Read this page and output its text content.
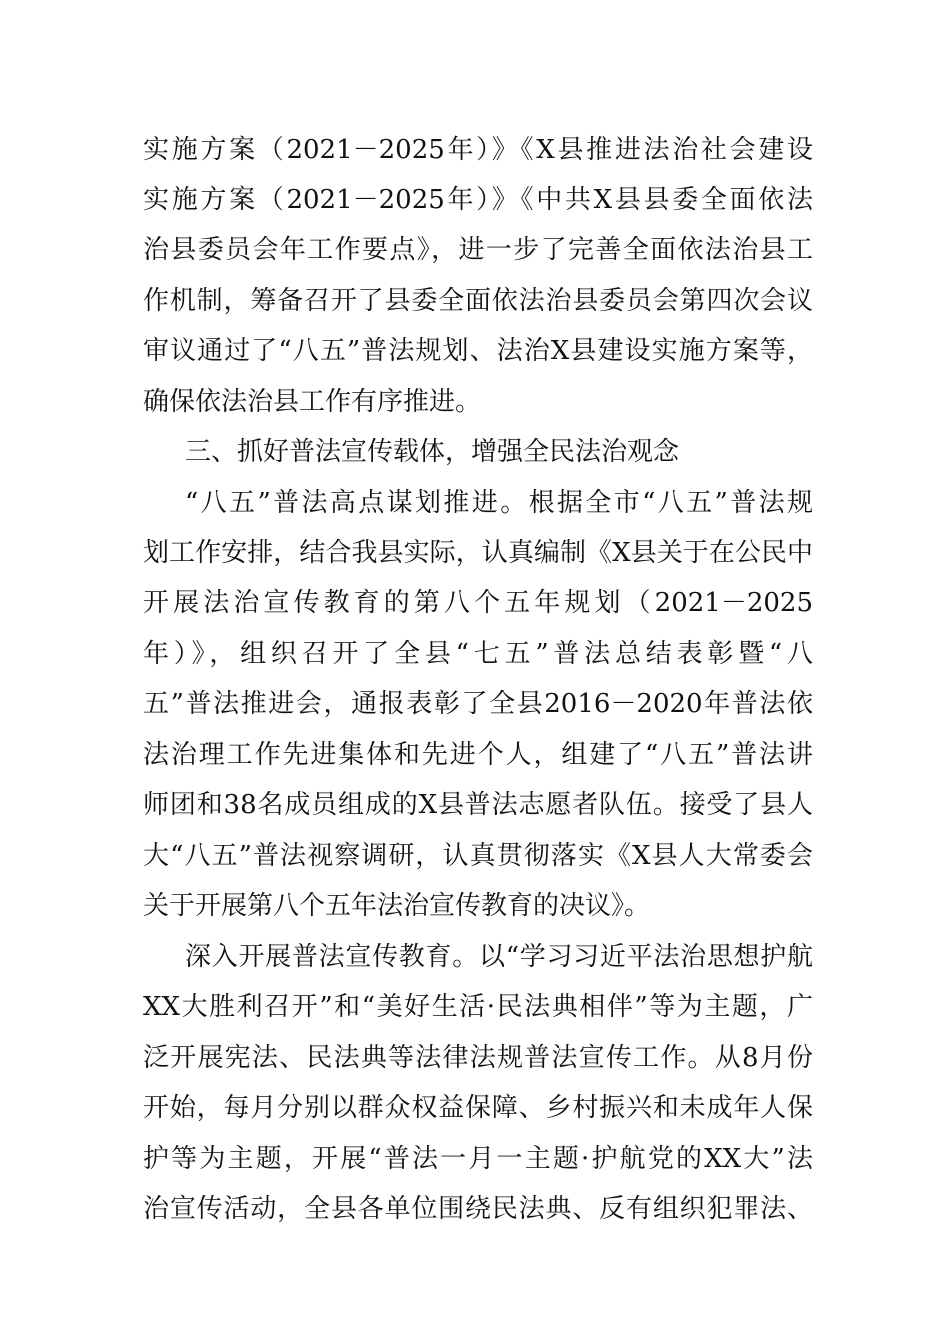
实施方案（2021－2025年）》《X县推进法治社会建设
实施方案（2021－2025年）》《中共X县县委全面依法
治县委员会年工作要点》，进一步了完善全面依法治县工
作机制，筹备召开了县委全面依法治县委员会第四次会议
审议通过了“八五”普法规划、法治X县建设实施方案等，
确保依法治县工作有序推进。
三、抓好普法宣传载体，增强全民法治观念
“八五”普法高点谋划推进。根据全市“八五”普法规
划工作安排，结合我县实际，认真编制《X县关于在公民中
开展法治宣传教育的第八个五年规划（2021－2025
年）》，组织召开了全县“七五”普法总结表彰暨“八
五”普法推进会，通报表彰了全县2016－2020年普法依
法治理工作先进集体和先进个人，组建了“八五”普法讲
师团和38名成员组成的X县普法志愿者队伍。接受了县人
大“八五”普法视察调研，认真贯彻落实《X县人大常委会
关于开展第八个五年法治宣传教育的决议》。
深入开展普法宣传教育。以“学习习近平法治思想护航
XX大胜利召开”和“美好生活·民法典相伴”等为主题，广
泛开展宪法、民法典等法律法规普法宣传工作。从8月份
开始，每月分别以群众权益保障、乡村振兴和未成年人保
护等为主题，开展“普法一月一主题·护航党的XX大”法
治宣传活动，全县各单位围绕民法典、反有组织犯罪法、
